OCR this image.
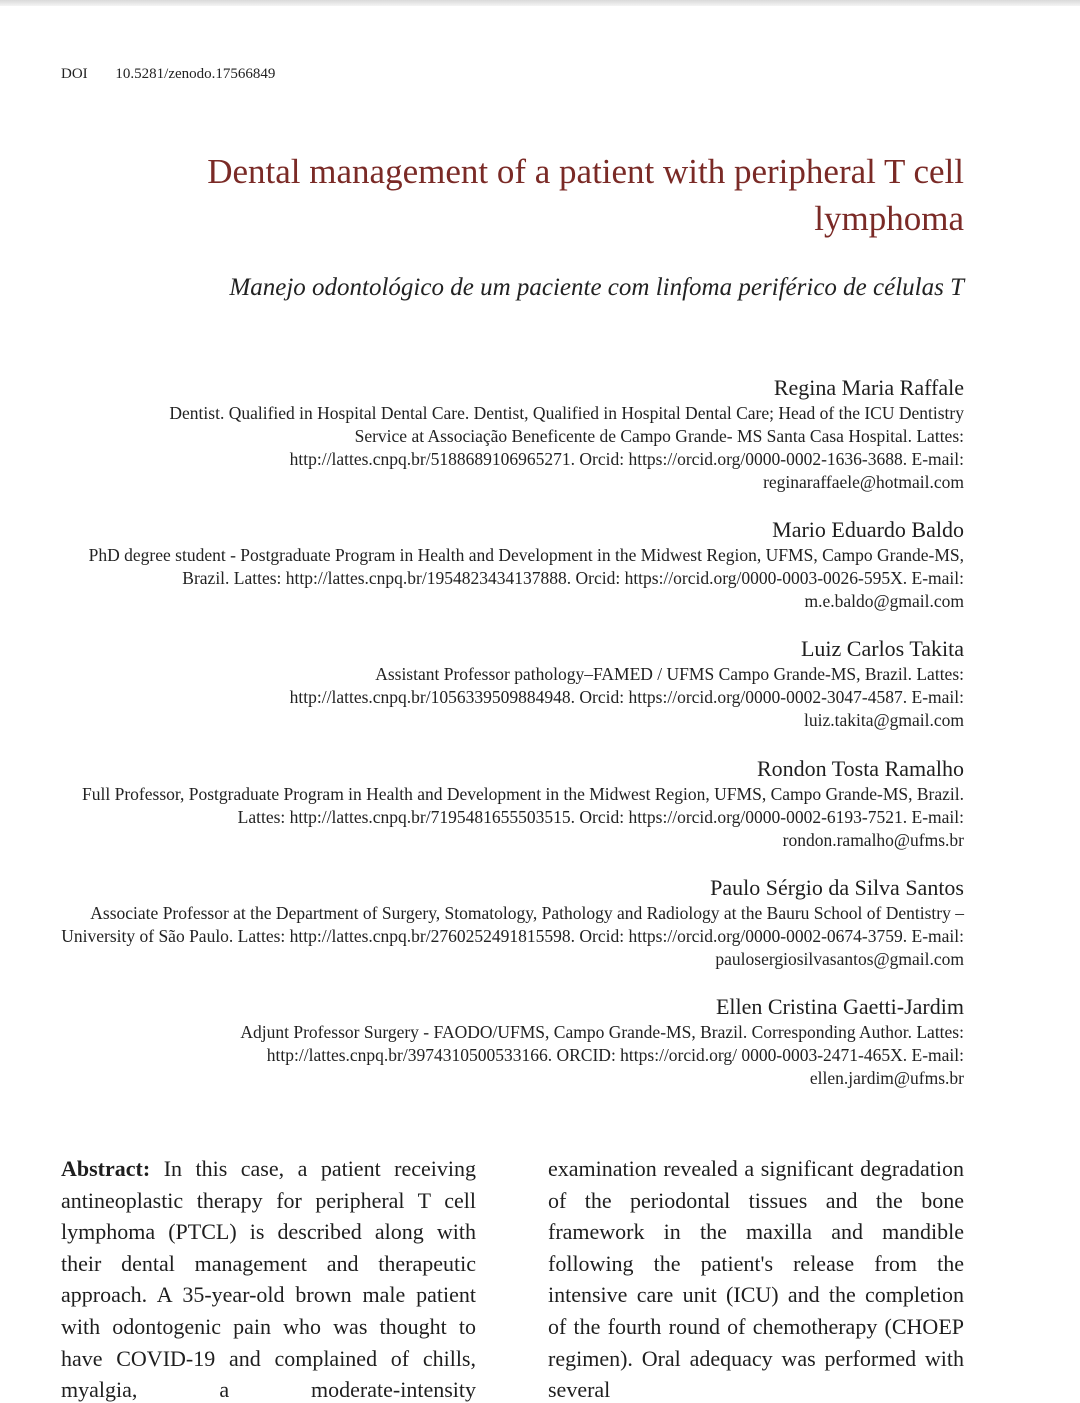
DOI 10.5281/zenodo.17566849
Dental management of a patient with peripheral T cell lymphoma
Manejo odontológico de um paciente com linfoma periférico de células T
Regina Maria Raffale
Dentist. Qualified in Hospital Dental Care. Dentist, Qualified in Hospital Dental Care; Head of the ICU Dentistry Service at Associação Beneficente de Campo Grande- MS Santa Casa Hospital. Lattes: http://lattes.cnpq.br/5188689106965271. Orcid: https://orcid.org/0000-0002-1636-3688. E-mail: reginaraffaele@hotmail.com
Mario Eduardo Baldo
PhD degree student - Postgraduate Program in Health and Development in the Midwest Region, UFMS, Campo Grande-MS, Brazil. Lattes: http://lattes.cnpq.br/1954823434137888. Orcid: https://orcid.org/0000-0003-0026-595X. E-mail: m.e.baldo@gmail.com
Luiz Carlos Takita
Assistant Professor pathology–FAMED / UFMS Campo Grande-MS, Brazil. Lattes: http://lattes.cnpq.br/1056339509884948. Orcid: https://orcid.org/0000-0002-3047-4587. E-mail: luiz.takita@gmail.com
Rondon Tosta Ramalho
Full Professor, Postgraduate Program in Health and Development in the Midwest Region, UFMS, Campo Grande-MS, Brazil. Lattes: http://lattes.cnpq.br/7195481655503515. Orcid: https://orcid.org/0000-0002-6193-7521. E-mail: rondon.ramalho@ufms.br
Paulo Sérgio da Silva Santos
Associate Professor at the Department of Surgery, Stomatology, Pathology and Radiology at the Bauru School of Dentistry – University of São Paulo. Lattes: http://lattes.cnpq.br/2760252491815598. Orcid: https://orcid.org/0000-0002-0674-3759. E-mail: paulosergiosilvasantos@gmail.com
Ellen Cristina Gaetti-Jardim
Adjunt Professor Surgery - FAODO/UFMS, Campo Grande-MS, Brazil. Corresponding Author. Lattes: http://lattes.cnpq.br/3974310500533166. ORCID: https://orcid.org/ 0000-0003-2471-465X. E-mail: ellen.jardim@ufms.br
Abstract: In this case, a patient receiving antineoplastic therapy for peripheral T cell lymphoma (PTCL) is described along with their dental management and therapeutic approach. A 35-year-old brown male patient with odontogenic pain who was thought to have COVID-19 and complained of chills, myalgia, a moderate-intensity
examination revealed a significant degradation of the periodontal tissues and the bone framework in the maxilla and mandible following the patient's release from the intensive care unit (ICU) and the completion of the fourth round of chemotherapy (CHOEP regimen). Oral adequacy was performed with several
